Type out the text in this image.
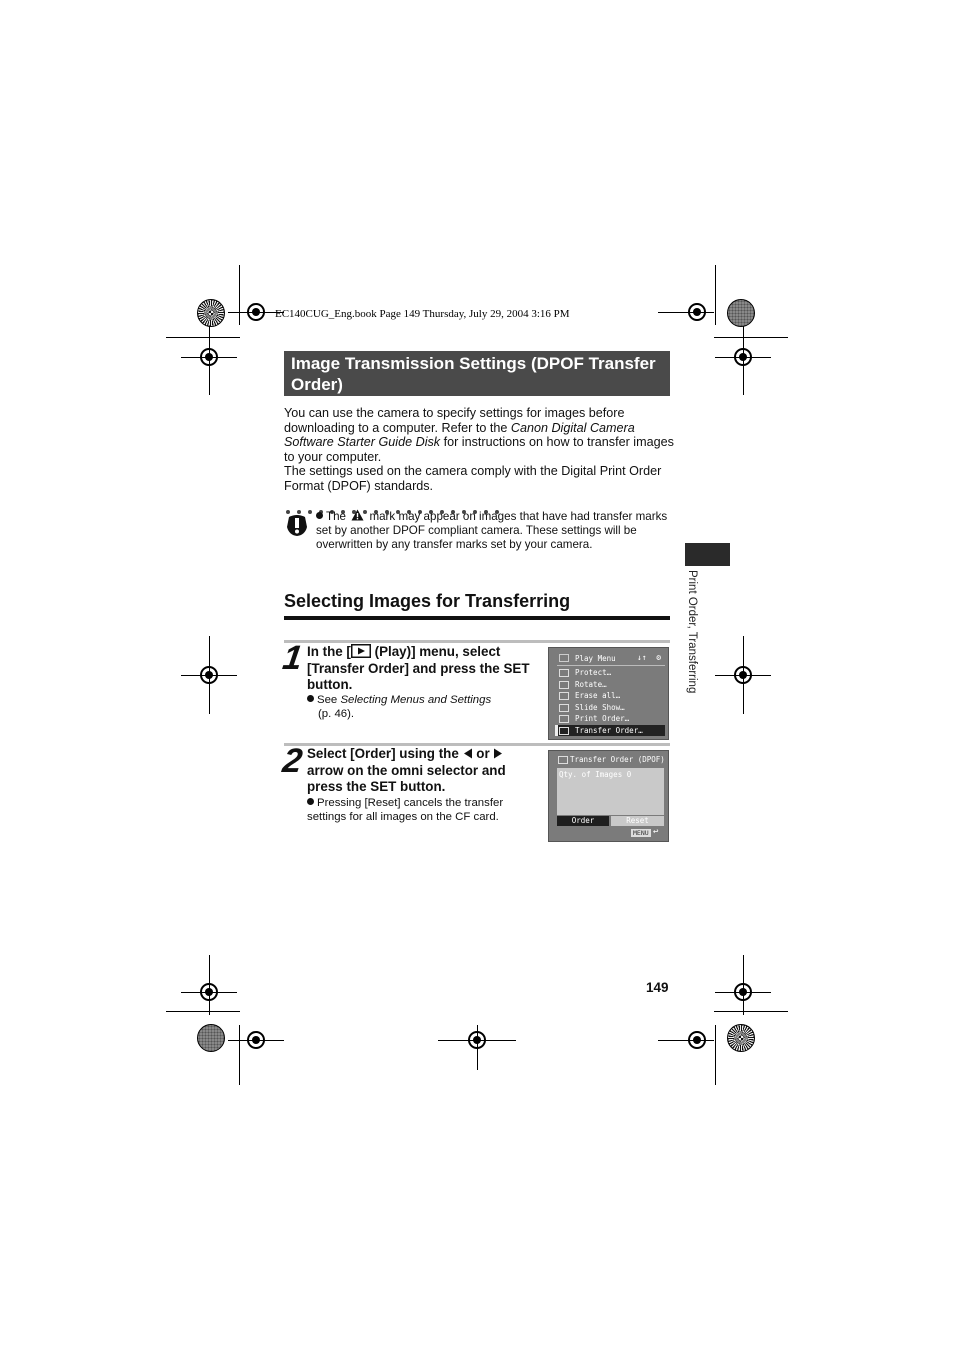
EC140CUG_Eng.book Page 149 Thursday, July 29, 2004 3:16 PM
Image Transmission Settings (DPOF Transfer Order)
You can use the camera to specify settings for images before downloading to a computer. Refer to the Canon Digital Camera Software Starter Guide Disk for instructions on how to transfer images to your computer.
The settings used on the camera comply with the Digital Print Order Format (DPOF) standards.
The mark may appear on images that have had transfer marks set by another DPOF compliant camera. These settings will be overwritten by any transfer marks set by your camera.
Print Order, Transferring
Selecting Images for Transferring
1 In the [ (Play)] menu, select [Transfer Order] and press the SET button.
See Selecting Menus and Settings
(p. 46).
Play Menu	↓↑  ⚙
Protect…
Rotate…
Erase all…
Slide Show…
Print Order…
Transfer Order…
2 Select [Order] using the or  arrow on the omni selector and press the SET button.
Pressing [Reset] cancels the transfer settings for all images on the CF card.
Transfer Order (DPOF)
Qty. of Images 0
Order	Reset
MENU ↩
149
